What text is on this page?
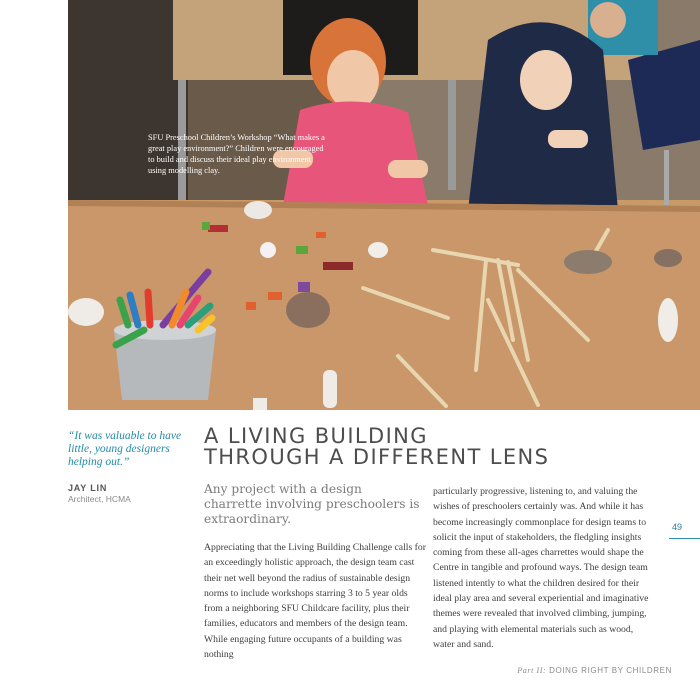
SFU Preschool Children’s Workshop “What makes a great play environment?” Children were encouraged to build and discuss their ideal play environment using modelling clay.
“It was valuable to have little, young designers helping out.”
JAY LIN
Architect, HCMA
A LIVING BUILDING
THROUGH A DIFFERENT LENS
Any project with a design charrette involving preschoolers is extraordinary.
Appreciating that the Living Building Challenge calls for an exceedingly holistic approach, the design team cast their net well beyond the radius of sustainable design norms to include workshops starring 3 to 5 year olds from a neighboring SFU Childcare facility, plus their families, educators and members of the design team. While engaging future occupants of a building was nothing
particularly progressive, listening to, and valuing the wishes of preschoolers certainly was. And while it has become increasingly commonplace for design teams to solicit the input of stakeholders, the fledgling insights coming from these all-ages charrettes would shape the Centre in tangible and profound ways. The design team listened intently to what the children desired for their ideal play area and several experiential and imaginative themes were revealed that involved climbing, jumping, and playing with elemental materials such as wood, water and sand.
49
Part II: DOING RIGHT BY CHILDREN
